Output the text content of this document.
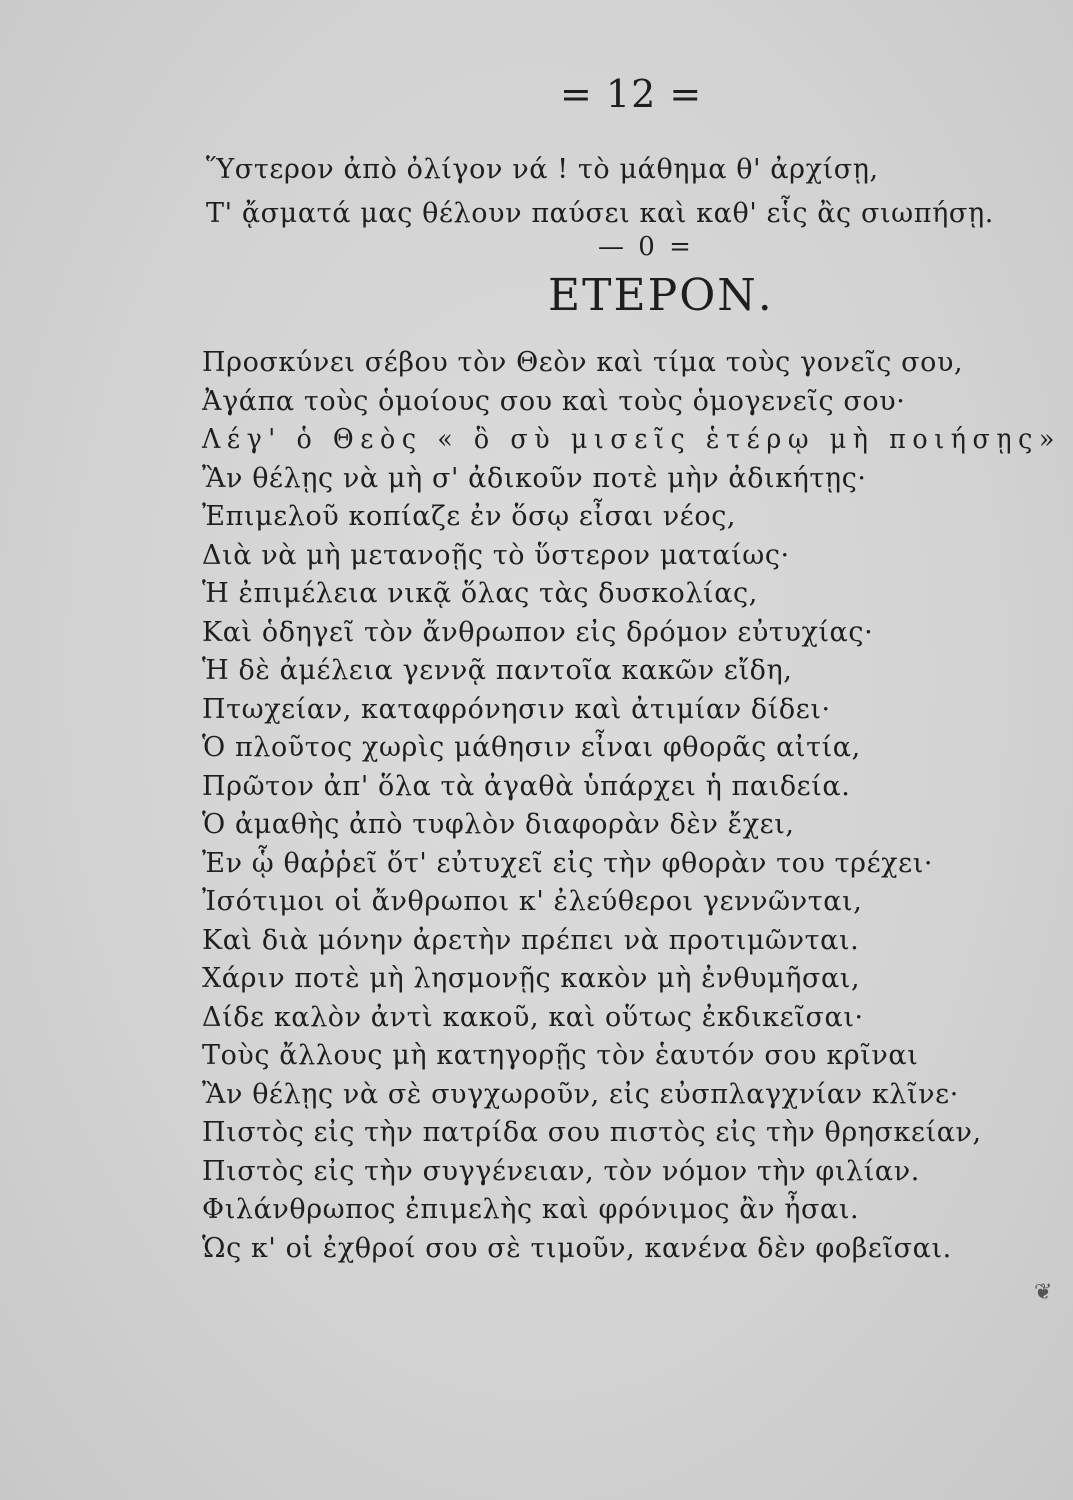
= 12 =
Ὕστερον ἀπὸ ὀλίγον νά ! τὸ μάθημα θ' ἀρχίσῃ,
Τ' ᾄσματά μας θέλουν παύσει καὶ καθ' εἷς ἂς σιωπήσῃ.
— 0 =
ΕΤΕΡΟΝ.
Προσκύνει σέβου τὸν Θεὸν καὶ τίμα τοὺς γονεῖς σου,
Ἀγάπα τοὺς ὁμοίους σου καὶ τοὺς ὁμογενεῖς σου·
Λέγ' ὁ Θεὸς « ὃ σὺ μισεῖς ἑτέρῳ μὴ ποιήσῃς»
Ἂν θέλῃς νὰ μὴ σ' ἀδικοῦν ποτὲ μὴν ἀδικήτῃς·
Ἐπιμελοῦ κοπίαζε ἐν ὅσῳ εἶσαι νέος,
Διὰ νὰ μὴ μετανοῇς τὸ ὕστερον ματαίως·
Ἡ ἐπιμέλεια νικᾷ ὅλας τὰς δυσκολίας,
Καὶ ὁδηγεῖ τὸν ἄνθρωπον εἰς δρόμον εὐτυχίας·
Ἡ δὲ ἀμέλεια γεννᾷ παντοῖα κακῶν εἴδη,
Πτωχείαν, καταφρόνησιν καὶ ἀτιμίαν δίδει·
Ὁ πλοῦτος χωρὶς μάθησιν εἶναι φθορᾶς αἰτία,
Πρῶτον ἀπ' ὅλα τὰ ἀγαθὰ ὑπάρχει ἡ παιδεία.
Ὁ ἀμαθὴς ἀπὸ τυφλὸν διαφορὰν δὲν ἔχει,
Ἐν ᾧ θαῤῥεῖ ὅτ' εὐτυχεῖ εἰς τὴν φθορὰν του τρέχει·
Ἰσότιμοι οἱ ἄνθρωποι κ' ἐλεύθεροι γεννῶνται,
Καὶ διὰ μόνην ἀρετὴν πρέπει νὰ προτιμῶνται.
Χάριν ποτὲ μὴ λησμονῇς κακὸν μὴ ἐνθυμῆσαι,
Δίδε καλὸν ἀντὶ κακοῦ, καὶ οὕτως ἐκδικεῖσαι·
Τοὺς ἄλλους μὴ κατηγορῇς τὸν ἑαυτόν σου κρῖναι
Ἂν θέλῃς νὰ σὲ συγχωροῦν, εἰς εὐσπλαγχνίαν κλῖνε·
Πιστὸς εἰς τὴν πατρίδα σου πιστὸς εἰς τὴν θρησκείαν,
Πιστὸς εἰς τὴν συγγένειαν, τὸν νόμον τὴν φιλίαν.
Φιλάνθρωπος ἐπιμελὴς καὶ φρόνιμος ἂν ἦσαι.
Ὡς κ' οἱ ἐχθροί σου σὲ τιμοῦν, κανένα δὲν φοβεῖσαι.
❦
